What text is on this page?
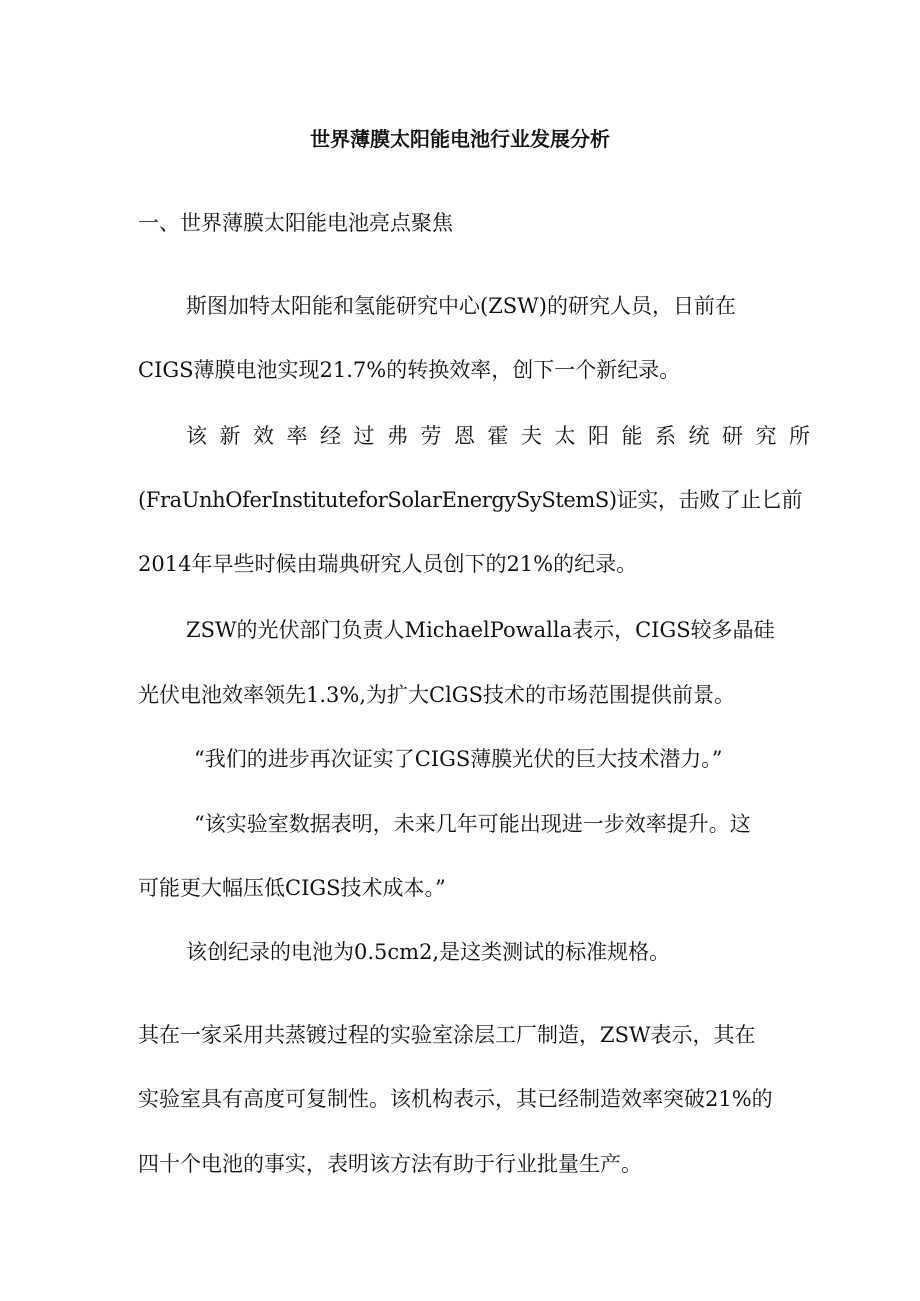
世界薄膜太阳能电池行业发展分析
一、世界薄膜太阳能电池亮点聚焦
斯图加特太阳能和氢能研究中心(ZSW)的研究人员，日前在
CIGS薄膜电池实现21.7%的转换效率，创下一个新纪录。
该新效率经过弗劳恩霍夫太阳能系统研究所
(FraUnhOferInstituteforSolarEnergySyStemS)证实，击败了止匕前
2014年早些时候由瑞典研究人员创下的21%的纪录。
ZSW的光伏部门负责人MichaelPowalla表示，CIGS较多晶硅
光伏电池效率领先1.3%,为扩大ClGS技术的市场范围提供前景。
“我们的进步再次证实了CIGS薄膜光伏的巨大技术潜力。”
“该实验室数据表明，未来几年可能出现进一步效率提升。这
可能更大幅压低CIGS技术成本。”
该创纪录的电池为0.5cm2,是这类测试的标准规格。
其在一家采用共蒸镀过程的实验室涂层工厂制造，ZSW表示，其在
实验室具有高度可复制性。该机构表示，其已经制造效率突破21%的
四十个电池的事实，表明该方法有助于行业批量生产。
